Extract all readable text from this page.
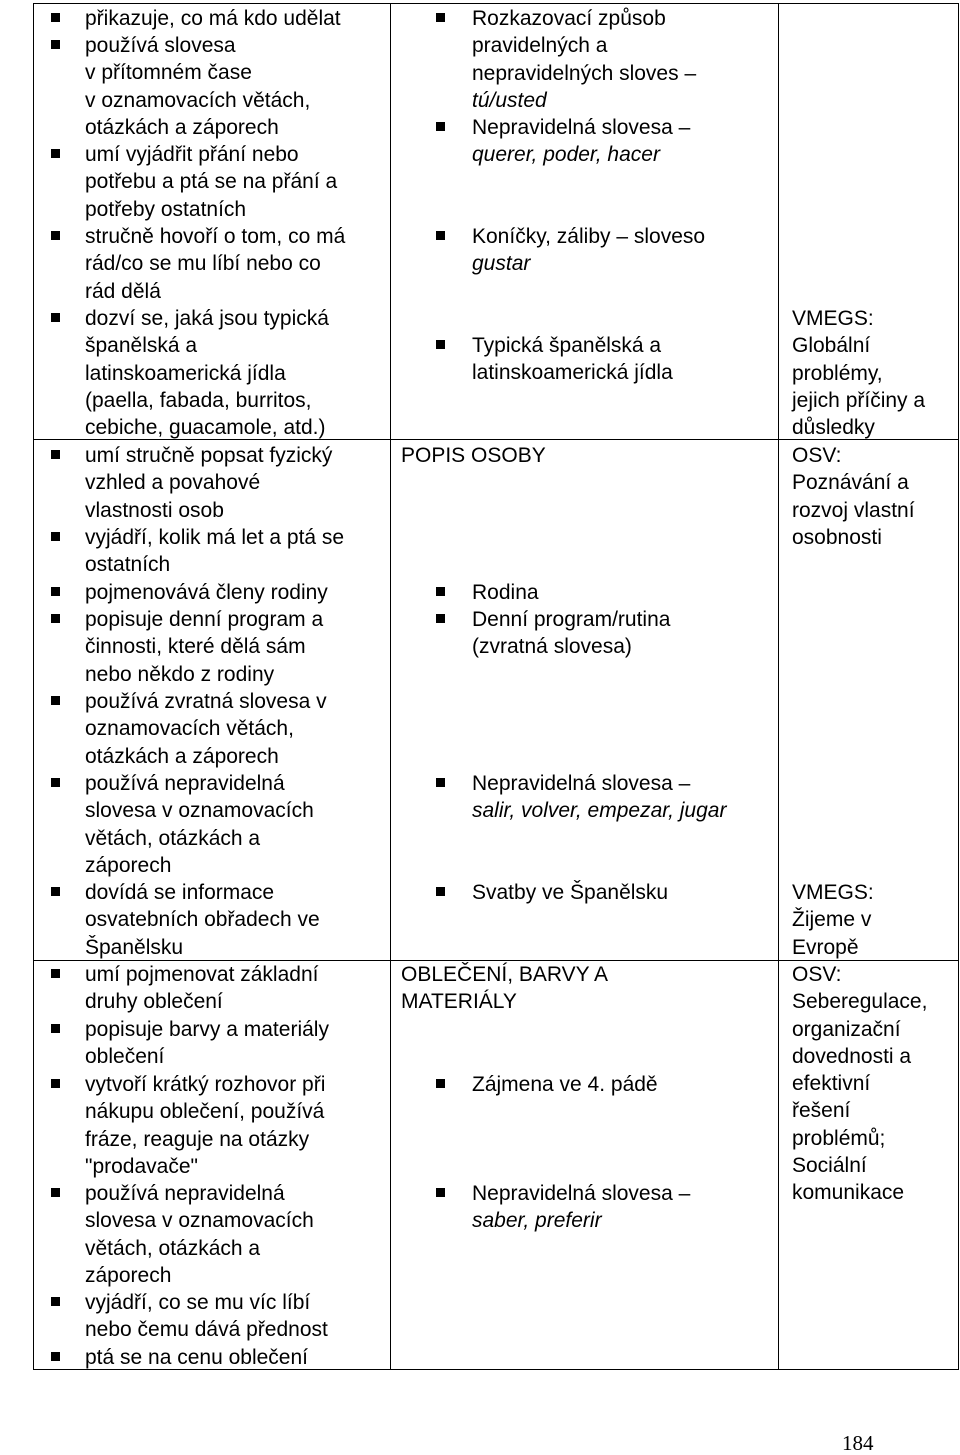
přikazuje, co má kdo udělat
používá slovesa
v přítomném čase
v oznamovacích větách,
otázkách a záporech
umí vyjádřit přání nebo
potřebu a ptá se na přání a
potřeby ostatních
stručně hovoří o tom, co má
rád/co se mu líbí nebo co
rád dělá
dozví se, jaká jsou typická
španělská a
latinskoamerická jídla
(paella, fabada, burritos,
cebiche, guacamole, atd.)
umí stručně popsat fyzický
vzhled a povahové
vlastnosti osob
vyjádří, kolik má let a ptá se
ostatních
pojmenovává členy rodiny
popisuje denní program a
činnosti, které dělá sám
nebo někdo z rodiny
používá zvratná slovesa v
oznamovacích větách,
otázkách a záporech
používá nepravidelná
slovesa v oznamovacích
větách, otázkách a
záporech
dovídá se informace
osvatebních obřadech ve
Španělsku
umí pojmenovat základní
druhy oblečení
popisuje barvy a materiály
oblečení
vytvoří krátký rozhovor při
nákupu oblečení, používá
fráze, reaguje na otázky
"prodavače"
používá nepravidelná
slovesa v oznamovacích
větách, otázkách a
záporech
vyjádří, co se mu víc líbí
nebo čemu dává přednost
ptá se na cenu oblečení
Rozkazovací způsob
pravidelných a
nepravidelných sloves –
tú/usted
Nepravidelná slovesa –
querer, poder, hacer
Koníčky, záliby – sloveso
gustar
Typická španělská a
latinskoamerická jídla
POPIS OSOBY
Rodina
Denní program/rutina
(zvratná slovesa)
Nepravidelná slovesa –
salir, volver, empezar, jugar
Svatby ve Španělsku
OBLEČENÍ, BARVY A
MATERIÁLY
Zájmena ve 4. pádě
Nepravidelná slovesa –
saber, preferir
VMEGS:
Globální
problémy,
jejich příčiny a
důsledky
OSV:
Poznávání a
rozvoj vlastní
osobnosti
VMEGS:
Žijeme v
Evropě
OSV:
Seberegulace,
organizační
dovednosti a
efektivní
řešení
problémů;
Sociální
komunikace
184
